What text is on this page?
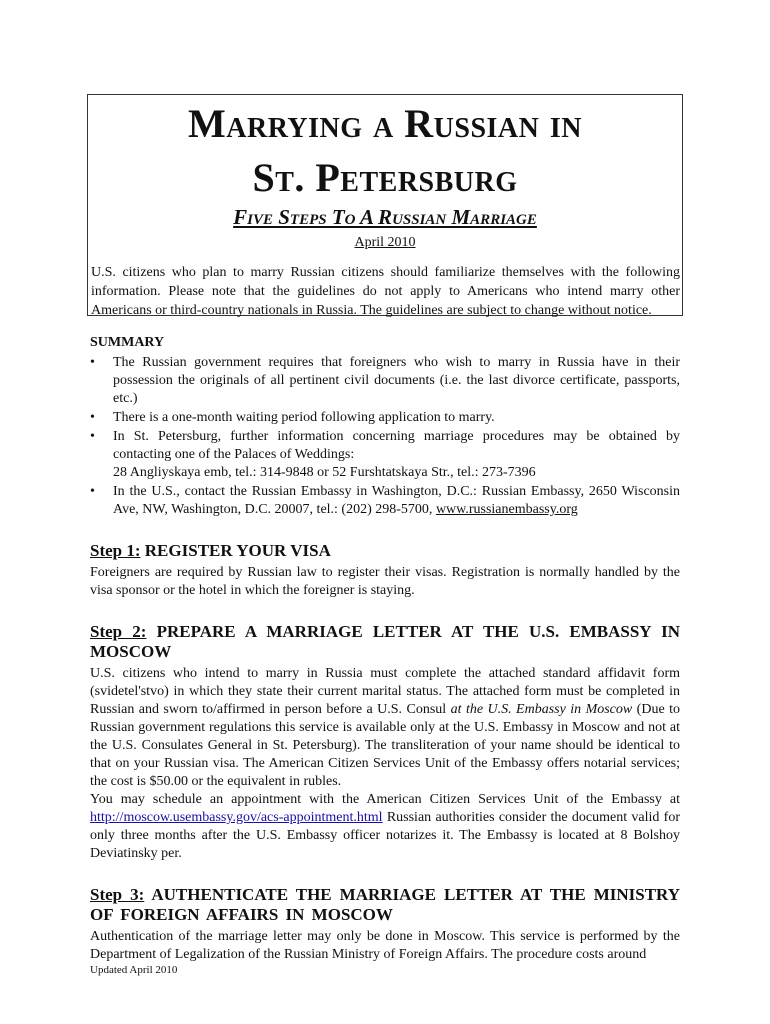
Marrying a Russian in
St. Petersburg

Five Steps To A Russian Marriage

April 2010

U.S. citizens who plan to marry Russian citizens should familiarize themselves with the following information. Please note that the guidelines do not apply to Americans who intend marry other Americans or third-country nationals in Russia. The guidelines are subject to change without notice.

SUMMARY

• The Russian government requires that foreigners who wish to marry in Russia have in their possession the originals of all pertinent civil documents (i.e. the last divorce certificate, passports, etc.)
• There is a one-month waiting period following application to marry.
• In St. Petersburg, further information concerning marriage procedures may be obtained by contacting one of the Palaces of Weddings:
28 Angliyskaya emb, tel.: 314-9848 or 52 Furshtatskaya Str., tel.: 273-7396
• In the U.S., contact the Russian Embassy in Washington, D.C.: Russian Embassy, 2650 Wisconsin Ave, NW, Washington, D.C. 20007, tel.: (202) 298-5700, www.russianembassy.org

Step 1: REGISTER YOUR VISA

Foreigners are required by Russian law to register their visas. Registration is normally handled by the visa sponsor or the hotel in which the foreigner is staying.

Step 2: PREPARE A MARRIAGE LETTER AT THE U.S. EMBASSY IN MOSCOW

U.S. citizens who intend to marry in Russia must complete the attached standard affidavit form (svidetel'stvo) in which they state their current marital status. The attached form must be completed in Russian and sworn to/affirmed in person before a U.S. Consul at the U.S. Embassy in Moscow (Due to Russian government regulations this service is available only at the U.S. Embassy in Moscow and not at the U.S. Consulates General in St. Petersburg). The transliteration of your name should be identical to that on your Russian visa. The American Citizen Services Unit of the Embassy offers notarial services; the cost is $50.00 or the equivalent in rubles.

You may schedule an appointment with the American Citizen Services Unit of the Embassy at http://moscow.usembassy.gov/acs-appointment.html Russian authorities consider the document valid for only three months after the U.S. Embassy officer notarizes it. The Embassy is located at 8 Bolshoy Deviatinsky per.

Step 3: AUTHENTICATE THE MARRIAGE LETTER AT THE MINISTRY OF FOREIGN AFFAIRS IN MOSCOW

Authentication of the marriage letter may only be done in Moscow. This service is performed by the Department of Legalization of the Russian Ministry of Foreign Affairs. The procedure costs around

Updated April 2010
